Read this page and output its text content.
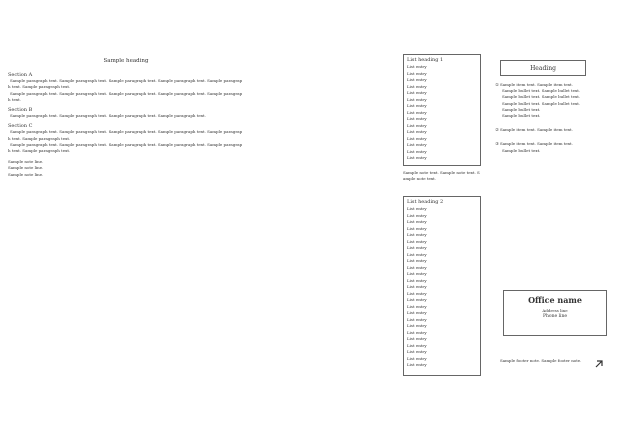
Sample heading
Section A
Sample paragraph text. Sample paragraph text. Sample paragraph text. Sample paragraph text. Sample paragraph text. Sample paragraph text.
Sample paragraph text. Sample paragraph text. Sample paragraph text. Sample paragraph text. Sample paragraph text.
Section B
Sample paragraph text. Sample paragraph text. Sample paragraph text. Sample paragraph text.
Section C
Sample paragraph text. Sample paragraph text. Sample paragraph text. Sample paragraph text. Sample paragraph text. Sample paragraph text.
Sample paragraph text. Sample paragraph text. Sample paragraph text. Sample paragraph text. Sample paragraph text. Sample paragraph text.
Sample note line.
Sample note line.
Sample note line.
List heading 1
List entry
List entry
List entry
List entry
List entry
List entry
List entry
List entry
List entry
List entry
List entry
List entry
List entry
List entry
List entry
Sample note text. Sample note text. Sample note text.
List heading 2
List entry
List entry
List entry
List entry
List entry
List entry
List entry
List entry
List entry
List entry
List entry
List entry
List entry
List entry
List entry
List entry
List entry
List entry
List entry
List entry
List entry
List entry
List entry
List entry
List entry
Heading
① Sample item text. Sample item text.
Sample bullet text. Sample bullet text.
Sample bullet text. Sample bullet text.
Sample bullet text. Sample bullet text.
Sample bullet text.
Sample bullet text.
② Sample item text. Sample item text.
③ Sample item text. Sample item text.
Sample bullet text.
Office name
Address line
Phone line
Sample footer note. Sample footer note.
